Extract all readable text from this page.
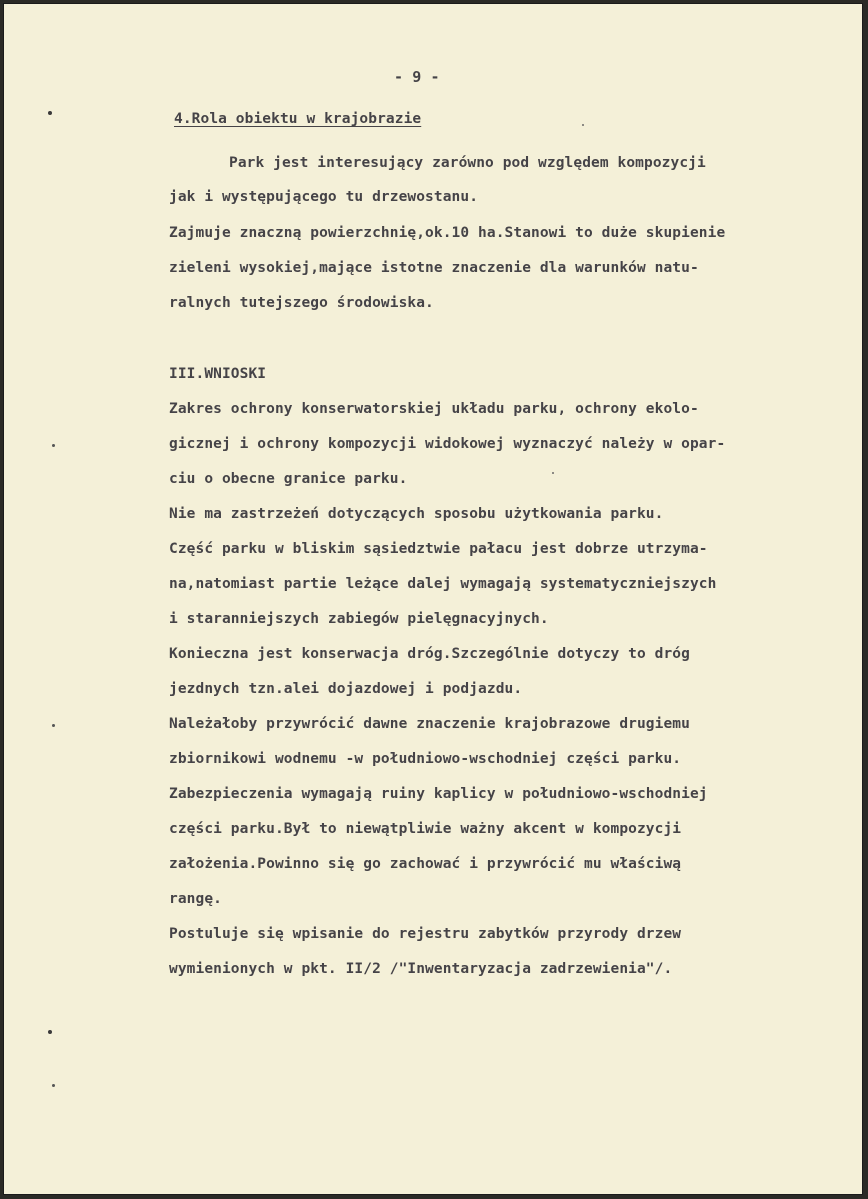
- 9 -
4.Rola obiektu w krajobrazie
Park jest interesujący zarówno pod względem kompozycji
jak i występującego tu drzewostanu.
Zajmuje znaczną powierzchnię,ok.10 ha.Stanowi to duże skupienie
zieleni wysokiej,mające istotne znaczenie dla warunków natu-
ralnych tutejszego środowiska.
III.WNIOSKI
Zakres ochrony konserwatorskiej układu parku, ochrony ekolo-
gicznej i ochrony kompozycji widokowej wyznaczyć należy w opar-
ciu o obecne granice parku.
Nie ma zastrzeżeń dotyczących sposobu użytkowania parku.
Część parku w bliskim sąsiedztwie pałacu jest dobrze utrzyma-
na,natomiast partie leżące dalej wymagają systematyczniejszych
i staranniejszych zabiegów pielęgnacyjnych.
Konieczna jest konserwacja dróg.Szczególnie dotyczy to dróg
jezdnych tzn.alei dojazdowej i podjazdu.
Należałoby przywrócić dawne znaczenie krajobrazowe drugiemu
zbiornikowi wodnemu -w południowo-wschodniej części parku.
Zabezpieczenia wymagają ruiny kaplicy w południowo-wschodniej
części parku.Był to niewątpliwie ważny akcent w kompozycji
założenia.Powinno się go zachować i przywrócić mu właściwą
rangę.
Postuluje się wpisanie do rejestru zabytków przyrody drzew
wymienionych w pkt. II/2 /"Inwentaryzacja zadrzewienia"/.
